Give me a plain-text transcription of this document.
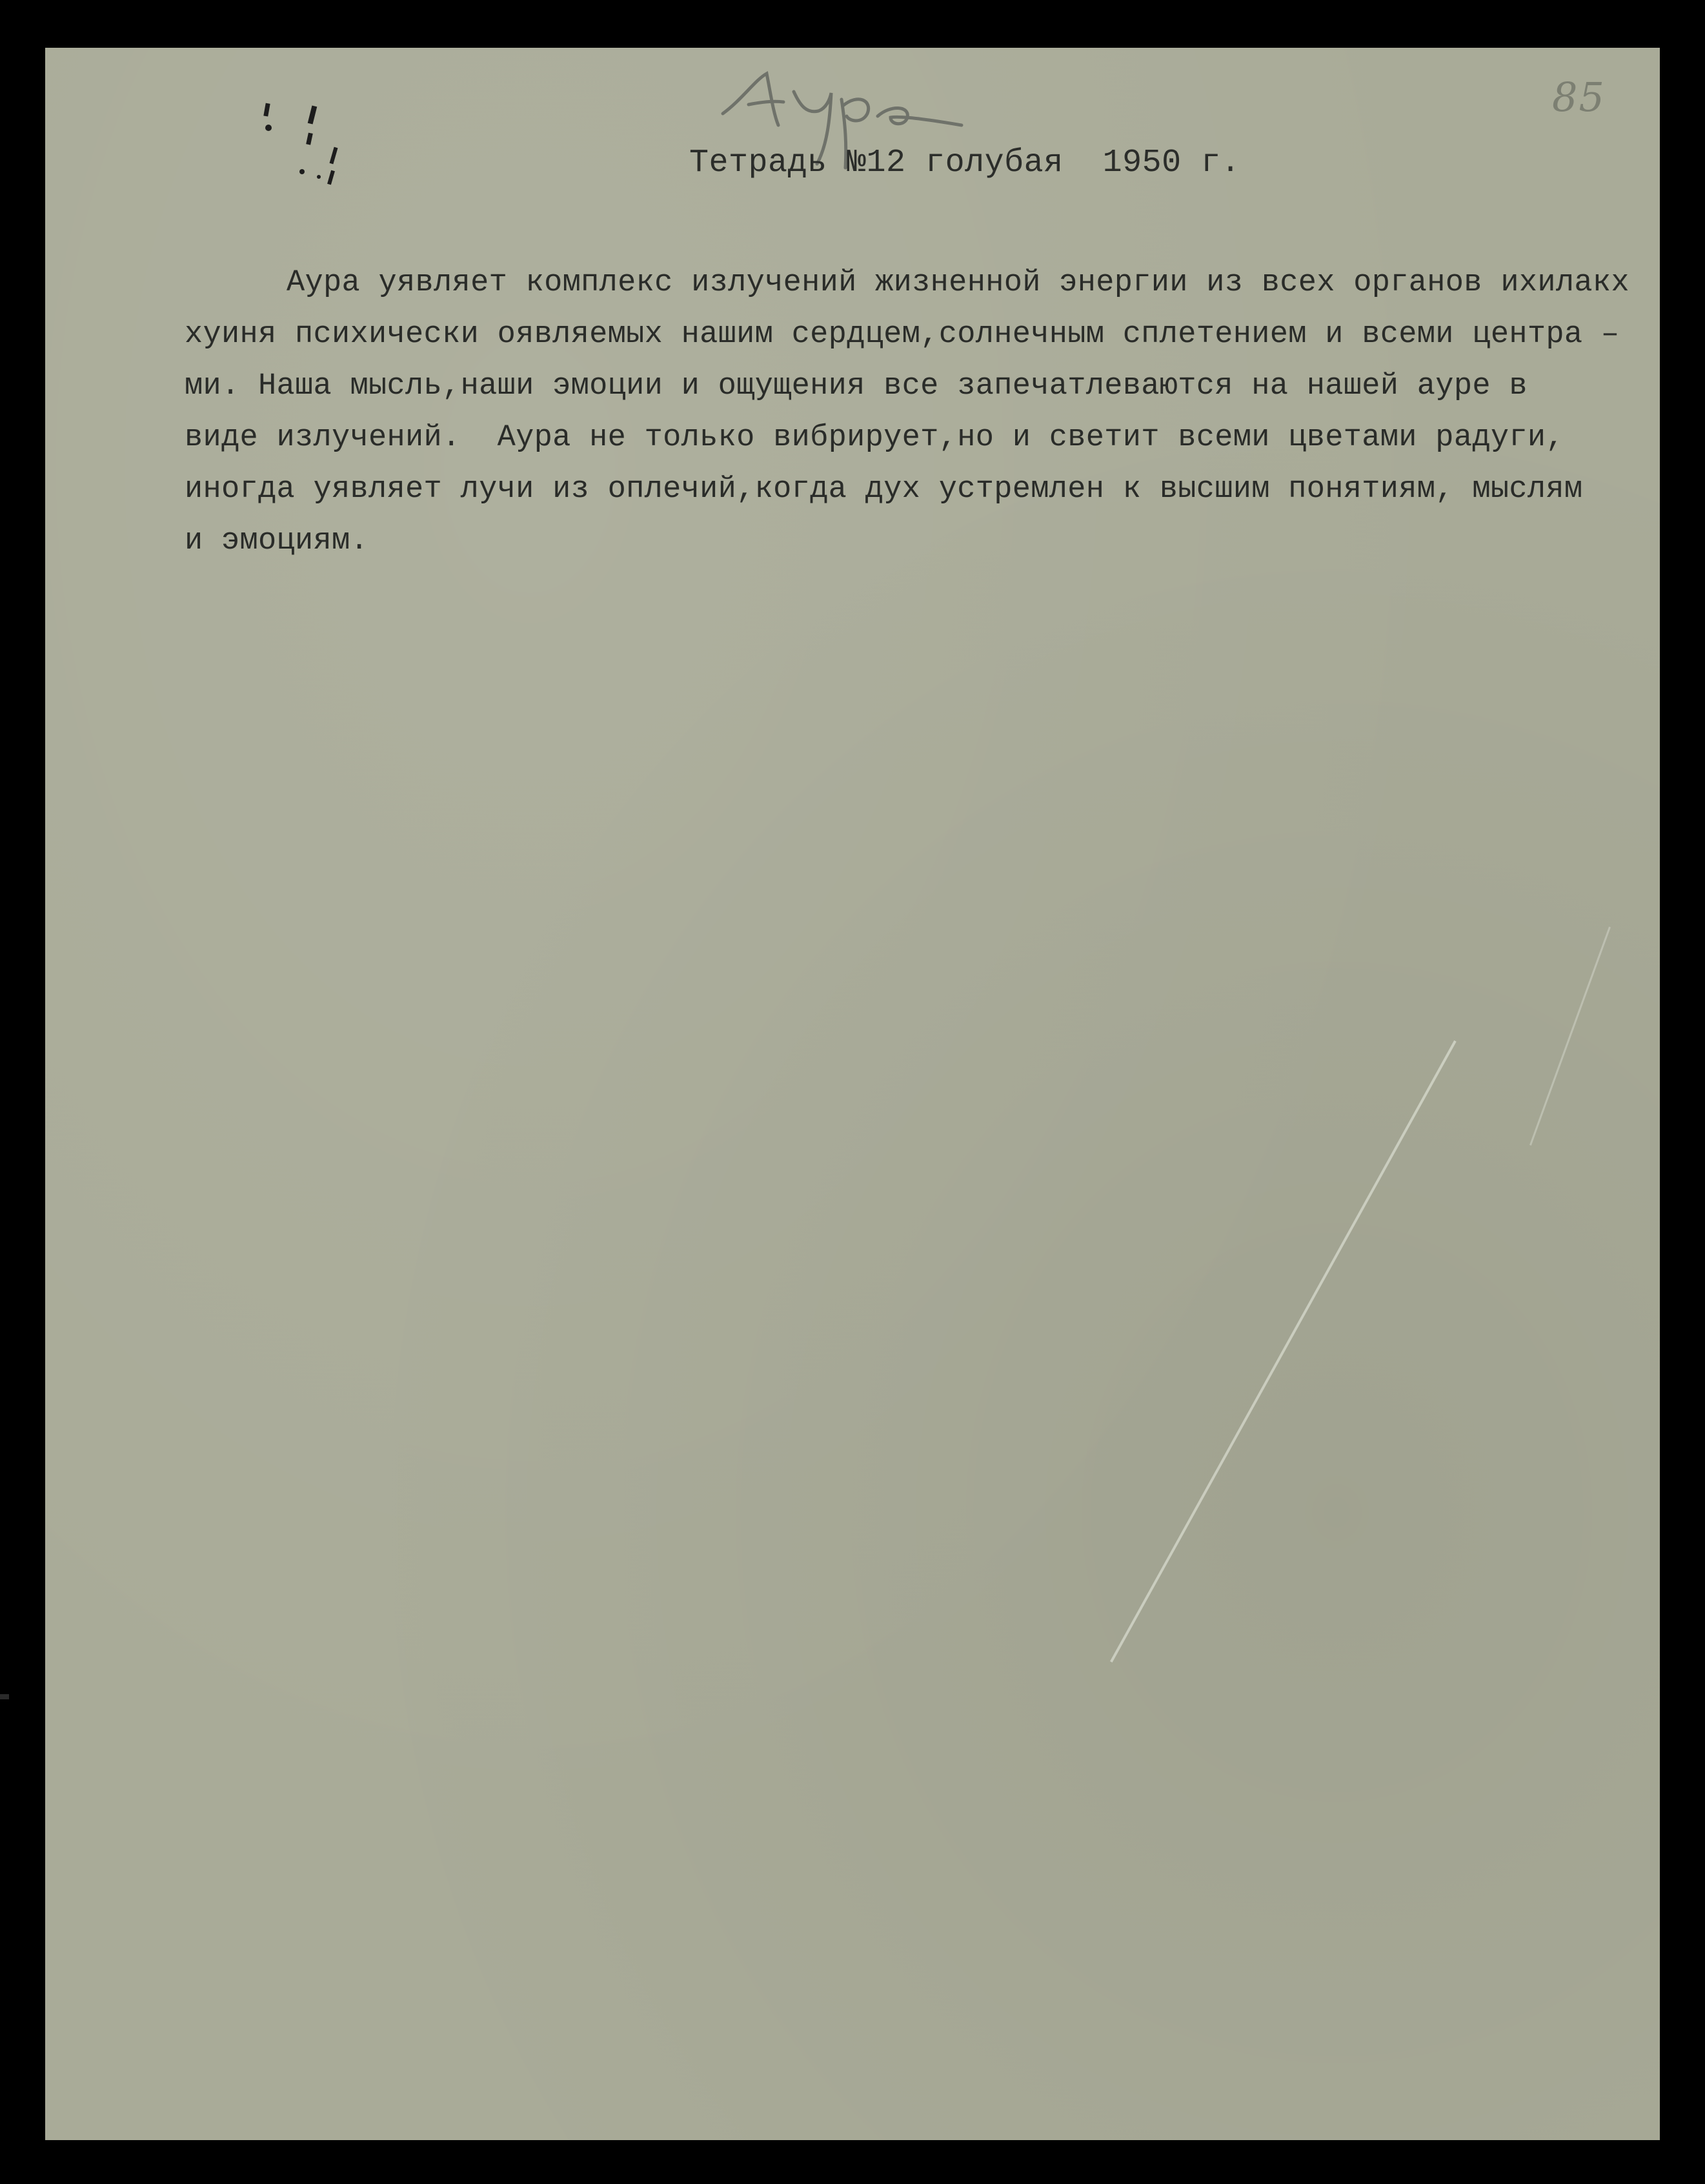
85
Тетрадь №12 голубая  1950 г.
Аура уявляет комплекс излучений жизненной энергии из всех органов ихилакх
хуиня психически оявляемых нашим сердцем,солнечным сплетением и всеми центра –
ми. Наша мысль,наши эмоции и ощущения все запечатлеваются на нашей ауре в
виде излучений.  Аура не только вибрирует,но и светит всеми цветами радуги,
иногда уявляет лучи из оплечий,когда дух устремлен к высшим понятиям, мыслям
и эмоциям.
